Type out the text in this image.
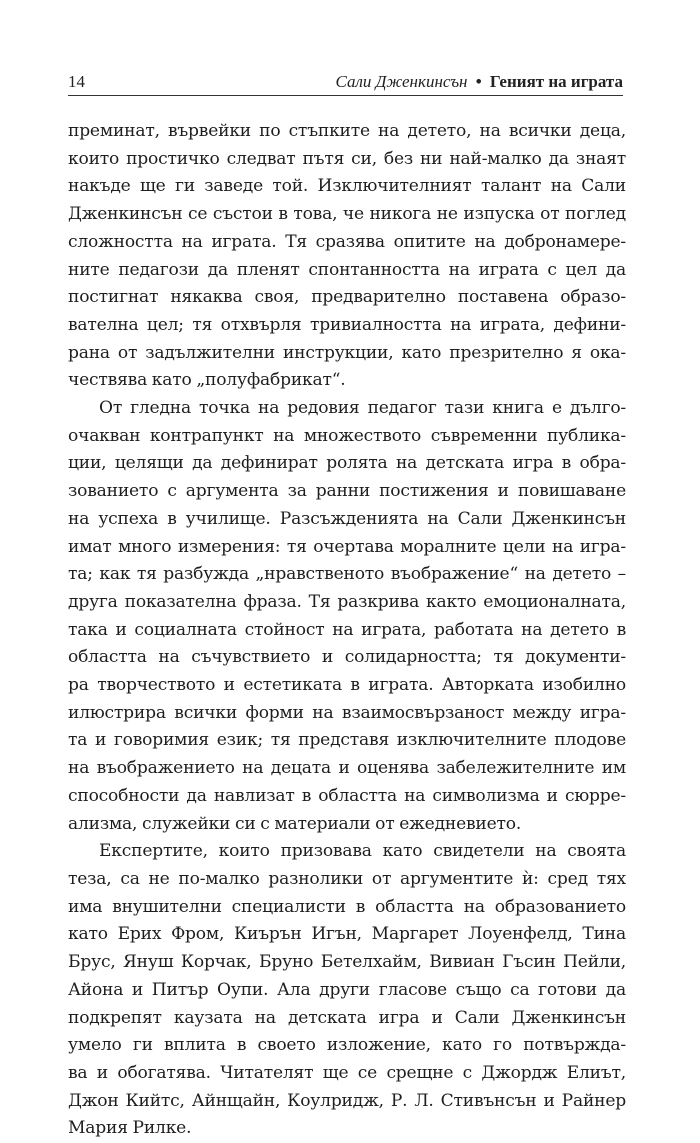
14	Сали Дженкинсън • Геният на играта

преминат, вървейки по стъпките на детето, на всички деца,
които простичко следват пътя си, без ни най-малко да знаят
накъде ще ги заведе той. Изключителният талант на Сали
Дженкинсън се състои в това, че никога не изпуска от поглед
сложността на играта. Тя сразява опитите на добронамере-
ните педагози да пленят спонтанността на играта с цел да
постигнат някаква своя, предварително поставена образо-
вателна цел; тя отхвърля тривиалността на играта, дефини-
рана от задължителни инструкции, като презрително я ока-
чествява като „полуфабрикат“.

От гледна точка на редовия педагог тази книга е дълго-
очакван контрапункт на множеството съвременни публика-
ции, целящи да дефинират ролята на детската игра в обра-
зованието с аргумента за ранни постижения и повишаване
на успеха в училище. Разсъжденията на Сали Дженкинсън
имат много измерения: тя очертава моралните цели на игра-
та; как тя разбужда „нравственото въображение“ на детето –
друга показателна фраза. Тя разкрива както емоционалната,
така и социалната стойност на играта, работата на детето в
областта на съчувствието и солидарността; тя документи-
ра творчеството и естетиката в играта. Авторката изобилно
илюстрира всички форми на взаимосвързаност между игра-
та и говоримия език; тя представя изключителните плодове
на въображението на децата и оценява забележителните им
способности да навлизат в областта на символизма и сюрре-
ализма, служейки си с материали от ежедневието.

Експертите, които призовава като свидетели на своята
теза, са не по-малко разнолики от аргументите ѝ: сред тях
има внушителни специалисти в областта на образованието
като Ерих Фром, Киърън Игън, Маргарет Лоуенфелд, Тина
Брус, Януш Корчак, Бруно Бетелхайм, Вивиан Гъсин Пейли,
Айона и Питър Оупи. Ала други гласове също са готови да
подкрепят каузата на детската игра и Сали Дженкинсън
умело ги вплита в своето изложение, като го потвържда-
ва и обогатява. Читателят ще се срещне с Джордж Елиът,
Джон Кийтс, Айнщайн, Коулридж, Р. Л. Стивънсън и Райнер
Мария Рилке.
